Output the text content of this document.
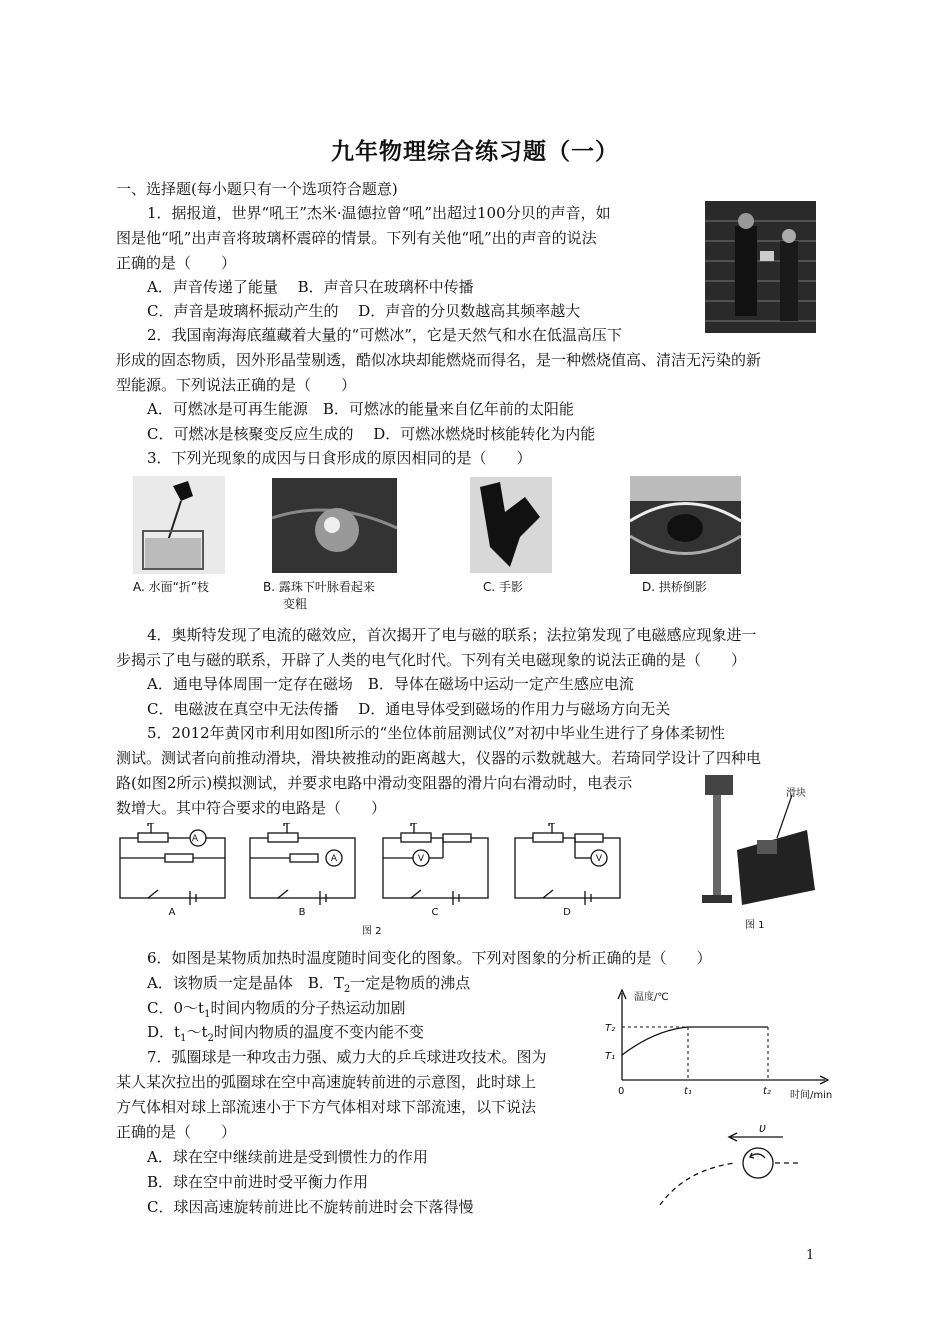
九年物理综合练习题（一）
一、选择题(每小题只有一个选项符合题意)
1．据报道，世界“吼王”杰米·温德拉曾“吼”出超过100分贝的声音，如
图是他“吼”出声音将玻璃杯震碎的情景。下列有关他“吼”出的声音的说法
正确的是（　　）
A．声音传递了能量　 B．声音只在玻璃杯中传播
C．声音是玻璃杯振动产生的　 D．声音的分贝数越高其频率越大
2．我国南海海底蕴藏着大量的“可燃冰”，它是天然气和水在低温高压下
形成的固态物质，因外形晶莹剔透，酷似冰块却能燃烧而得名，是一种燃烧值高、清洁无污染的新
型能源。下列说法正确的是（　　）
A．可燃冰是可再生能源　B．可燃冰的能量来自亿年前的太阳能
C．可燃冰是核聚变反应生成的　 D．可燃冰燃烧时核能转化为内能
3．下列光现象的成因与日食形成的原因相同的是（　　）
A. 水面“折”枝	B. 露珠下叶脉看起来
变粗
C. 手影	D. 拱桥倒影
4．奥斯特发现了电流的磁效应，首次揭开了电与磁的联系；法拉第发现了电磁感应现象进一
步揭示了电与磁的联系，开辟了人类的电气化时代。下列有关电磁现象的说法正确的是（　　）
A．通电导体周围一定存在磁场　B．导体在磁场中运动一定产生感应电流
C．电磁波在真空中无法传播　 D．通电导体受到磁场的作用力与磁场方向无关
5．2012年黄冈市利用如图l所示的“坐位体前屈测试仪”对初中毕业生进行了身体柔韧性
测试。测试者向前推动滑块，滑块被推动的距离越大，仪器的示数就越大。若琦同学设计了四种电
路(如图2所示)模拟测试，并要求电路中滑动变阻器的滑片向右滑动时，电表示
数增大。其中符合要求的电路是（　　）
A
A	V	V
A	B	C	D
图 2
滑块
图 1
6．如图是某物质加热时温度随时间变化的图象。下列对图象的分析正确的是（　　）
A．该物质一定是晶体　B．$T_2$一定是物质的沸点
C．$0\sim t_1$时间内物质的分子热运动加剧
D．$t_1\sim t_2$时间内物质的温度不变内能不变
温度/℃
时间/min
T₂
T₁
0	t₁	t₂
7．弧圈球是一种攻击力强、威力大的乒乓球进攻技术。图为
某人某次拉出的弧圈球在空中高速旋转前进的示意图，此时球上
方气体相对球上部流速小于下方气体相对球下部流速，以下说法
正确的是（　　）
A．球在空中继续前进是受到惯性力的作用
B．球在空中前进时受平衡力作用
C．球因高速旋转前进比不旋转前进时会下落得慢
υ
1
